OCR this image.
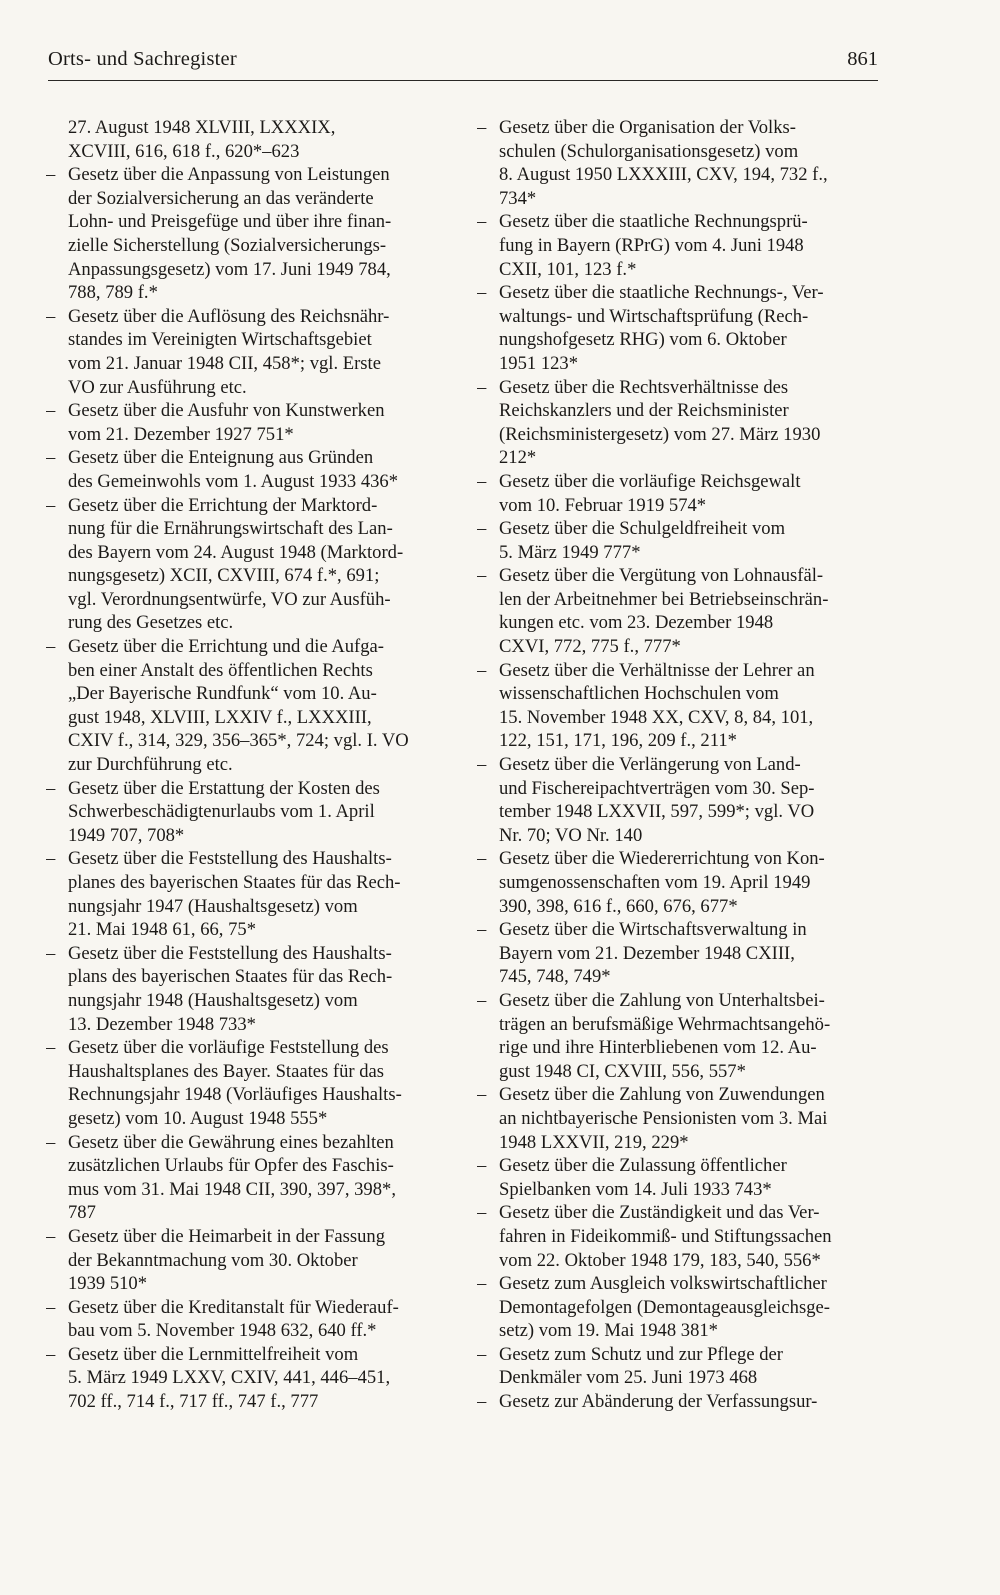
Orts- und Sachregister	861
27. August 1948 XLVIII, LXXXIX,
XCVIII, 616, 618 f., 620*–623
– Gesetz über die Anpassung von Leistungen
der Sozialversicherung an das veränderte
Lohn- und Preisgefüge und über ihre finan-
zielle Sicherstellung (Sozialversicherungs-
Anpassungsgesetz) vom 17. Juni 1949 784,
788, 789 f.*
– Gesetz über die Auflösung des Reichsnähr-
standes im Vereinigten Wirtschaftsgebiet
vom 21. Januar 1948 CII, 458*; vgl. Erste
VO zur Ausführung etc.
– Gesetz über die Ausfuhr von Kunstwerken
vom 21. Dezember 1927 751*
– Gesetz über die Enteignung aus Gründen
des Gemeinwohls vom 1. August 1933 436*
– Gesetz über die Errichtung der Marktord-
nung für die Ernährungswirtschaft des Lan-
des Bayern vom 24. August 1948 (Marktord-
nungsgesetz) XCII, CXVIII, 674 f.*, 691;
vgl. Verordnungsentwürfe, VO zur Ausfüh-
rung des Gesetzes etc.
– Gesetz über die Errichtung und die Aufga-
ben einer Anstalt des öffentlichen Rechts
„Der Bayerische Rundfunk“ vom 10. Au-
gust 1948, XLVIII, LXXIV f., LXXXIII,
CXIV f., 314, 329, 356–365*, 724; vgl. I. VO
zur Durchführung etc.
– Gesetz über die Erstattung der Kosten des
Schwerbeschädigtenurlaubs vom 1. April
1949 707, 708*
– Gesetz über die Feststellung des Haushalts-
planes des bayerischen Staates für das Rech-
nungsjahr 1947 (Haushaltsgesetz) vom
21. Mai 1948 61, 66, 75*
– Gesetz über die Feststellung des Haushalts-
plans des bayerischen Staates für das Rech-
nungsjahr 1948 (Haushaltsgesetz) vom
13. Dezember 1948 733*
– Gesetz über die vorläufige Feststellung des
Haushaltsplanes des Bayer. Staates für das
Rechnungsjahr 1948 (Vorläufiges Haushalts-
gesetz) vom 10. August 1948 555*
– Gesetz über die Gewährung eines bezahlten
zusätzlichen Urlaubs für Opfer des Faschis-
mus vom 31. Mai 1948 CII, 390, 397, 398*,
787
– Gesetz über die Heimarbeit in der Fassung
der Bekanntmachung vom 30. Oktober
1939 510*
– Gesetz über die Kreditanstalt für Wiederauf-
bau vom 5. November 1948 632, 640 ff.*
– Gesetz über die Lernmittelfreiheit vom
5. März 1949 LXXV, CXIV, 441, 446–451,
702 ff., 714 f., 717 ff., 747 f., 777
– Gesetz über die Organisation der Volks-
schulen (Schulorganisationsgesetz) vom
8. August 1950 LXXXIII, CXV, 194, 732 f.,
734*
– Gesetz über die staatliche Rechnungsprü-
fung in Bayern (RPrG) vom 4. Juni 1948
CXII, 101, 123 f.*
– Gesetz über die staatliche Rechnungs-, Ver-
waltungs- und Wirtschaftsprüfung (Rech-
nungshofgesetz RHG) vom 6. Oktober
1951 123*
– Gesetz über die Rechtsverhältnisse des
Reichskanzlers und der Reichsminister
(Reichsministergesetz) vom 27. März 1930
212*
– Gesetz über die vorläufige Reichsgewalt
vom 10. Februar 1919 574*
– Gesetz über die Schulgeldfreiheit vom
5. März 1949 777*
– Gesetz über die Vergütung von Lohnausfäl-
len der Arbeitnehmer bei Betriebseinschrän-
kungen etc. vom 23. Dezember 1948
CXVI, 772, 775 f., 777*
– Gesetz über die Verhältnisse der Lehrer an
wissenschaftlichen Hochschulen vom
15. November 1948 XX, CXV, 8, 84, 101,
122, 151, 171, 196, 209 f., 211*
– Gesetz über die Verlängerung von Land-
und Fischereipachtverträgen vom 30. Sep-
tember 1948 LXXVII, 597, 599*; vgl. VO
Nr. 70; VO Nr. 140
– Gesetz über die Wiedererrichtung von Kon-
sumgenossenschaften vom 19. April 1949
390, 398, 616 f., 660, 676, 677*
– Gesetz über die Wirtschaftsverwaltung in
Bayern vom 21. Dezember 1948 CXIII,
745, 748, 749*
– Gesetz über die Zahlung von Unterhaltsbei-
trägen an berufsmäßige Wehrmachtsangehö-
rige und ihre Hinterbliebenen vom 12. Au-
gust 1948 CI, CXVIII, 556, 557*
– Gesetz über die Zahlung von Zuwendungen
an nichtbayerische Pensionisten vom 3. Mai
1948 LXXVII, 219, 229*
– Gesetz über die Zulassung öffentlicher
Spielbanken vom 14. Juli 1933 743*
– Gesetz über die Zuständigkeit und das Ver-
fahren in Fideikommiß- und Stiftungssachen
vom 22. Oktober 1948 179, 183, 540, 556*
– Gesetz zum Ausgleich volkswirtschaftlicher
Demontagefolgen (Demontageausgleichsge-
setz) vom 19. Mai 1948 381*
– Gesetz zum Schutz und zur Pflege der
Denkmäler vom 25. Juni 1973 468
– Gesetz zur Abänderung der Verfassungsur-
